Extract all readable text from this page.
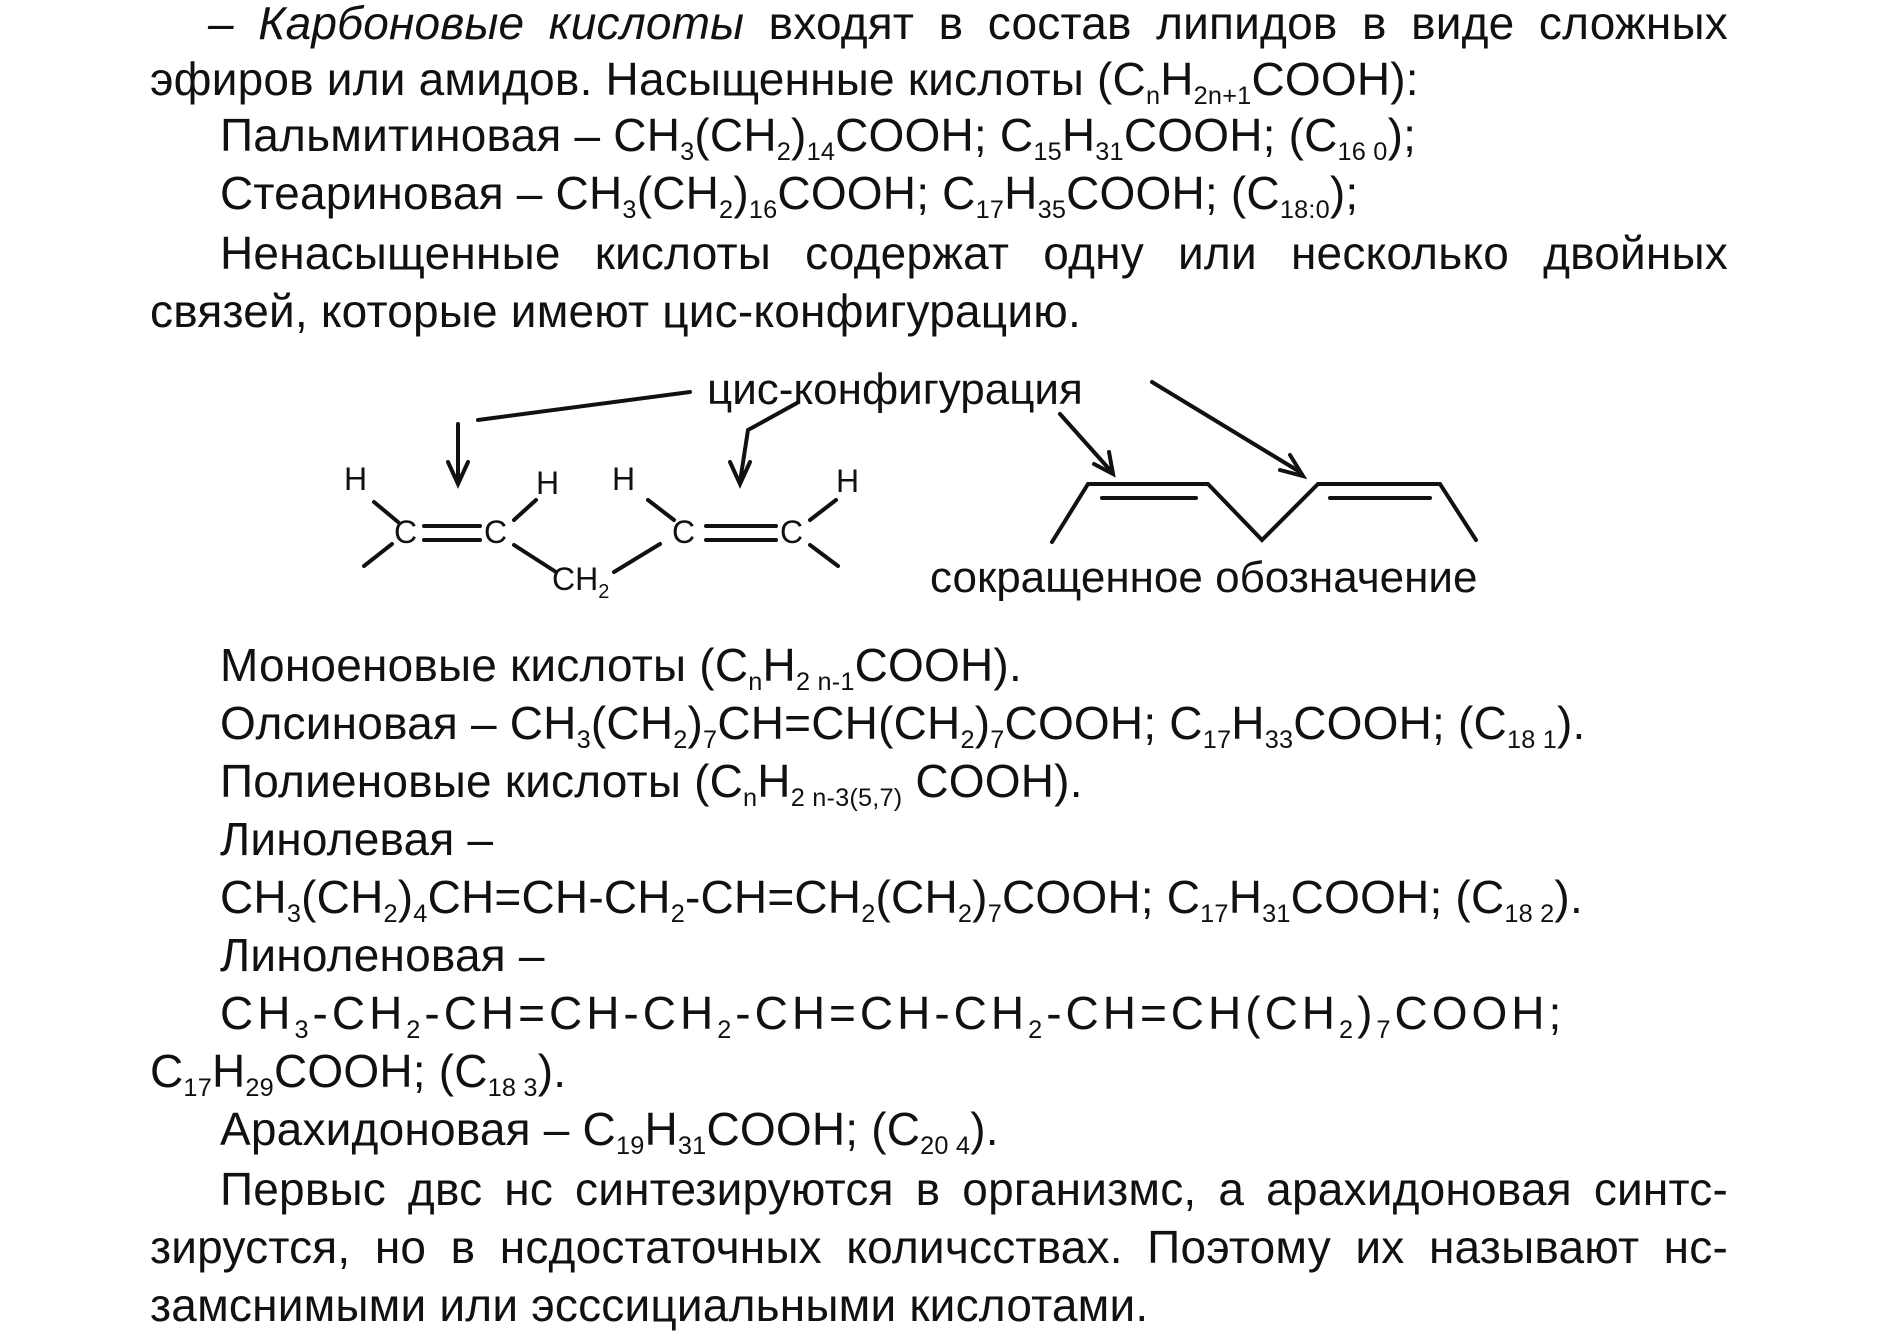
– Карбоновые кислоты входят в состав липидов в виде сложных
эфиров или амидов. Насыщенные кислоты $(C_nH_{2n+1}COOH)$:
Пальмитиновая – $CH_3(CH_2)_{14}COOH$; $C_{15}H_{31}COOH$; $(C_{16 0})$;
Стеариновая – $CH_3(CH_2)_{16}COOH$; $C_{17}H_{35}COOH$; $(C_{18:0})$;
Ненасыщенные кислоты содержат одну или несколько двойных
связей, которые имеют цис-конфигурацию.
цис-конфигурация
сокращенное обозначение
H
C C
H
$CH_2$
H
C	C
H
Моноеновые кислоты $(C_nH_{2 n-1}COOH)$.
Олсиновая – $CH_3(CH_2)_7CH=CH(CH_2)_7COOH$; $C_{17}H_{33}COOH$; $(C_{18 1})$.
Полиеновые кислоты ($C_nH_{2 n-3(5,7)}$ COOH).
Линолевая –
$CH_3(CH_2)_4CH=CH-CH_2-CH=CH_2(CH_2)_7COOH$; $C_{17}H_{31}COOH$; $(C_{18 2})$.
Линоленовая –
$CH_3-CH_2-CH=CH-CH_2-CH=CH-CH_2-CH=CH(CH_2)_7COOH$;
$C_{17}H_{29}COOH$; $(C_{18 3})$.
Арахидоновая – $C_{19}H_{31}COOH$; $(C_{20 4})$.
Первыс двс нс синтезируются в организмс, а арахидоновая синтс-
зирустся, но в нсдостаточных количсствах. Поэтому их называют нс-
замснимыми или эсссициальными кислотами.
